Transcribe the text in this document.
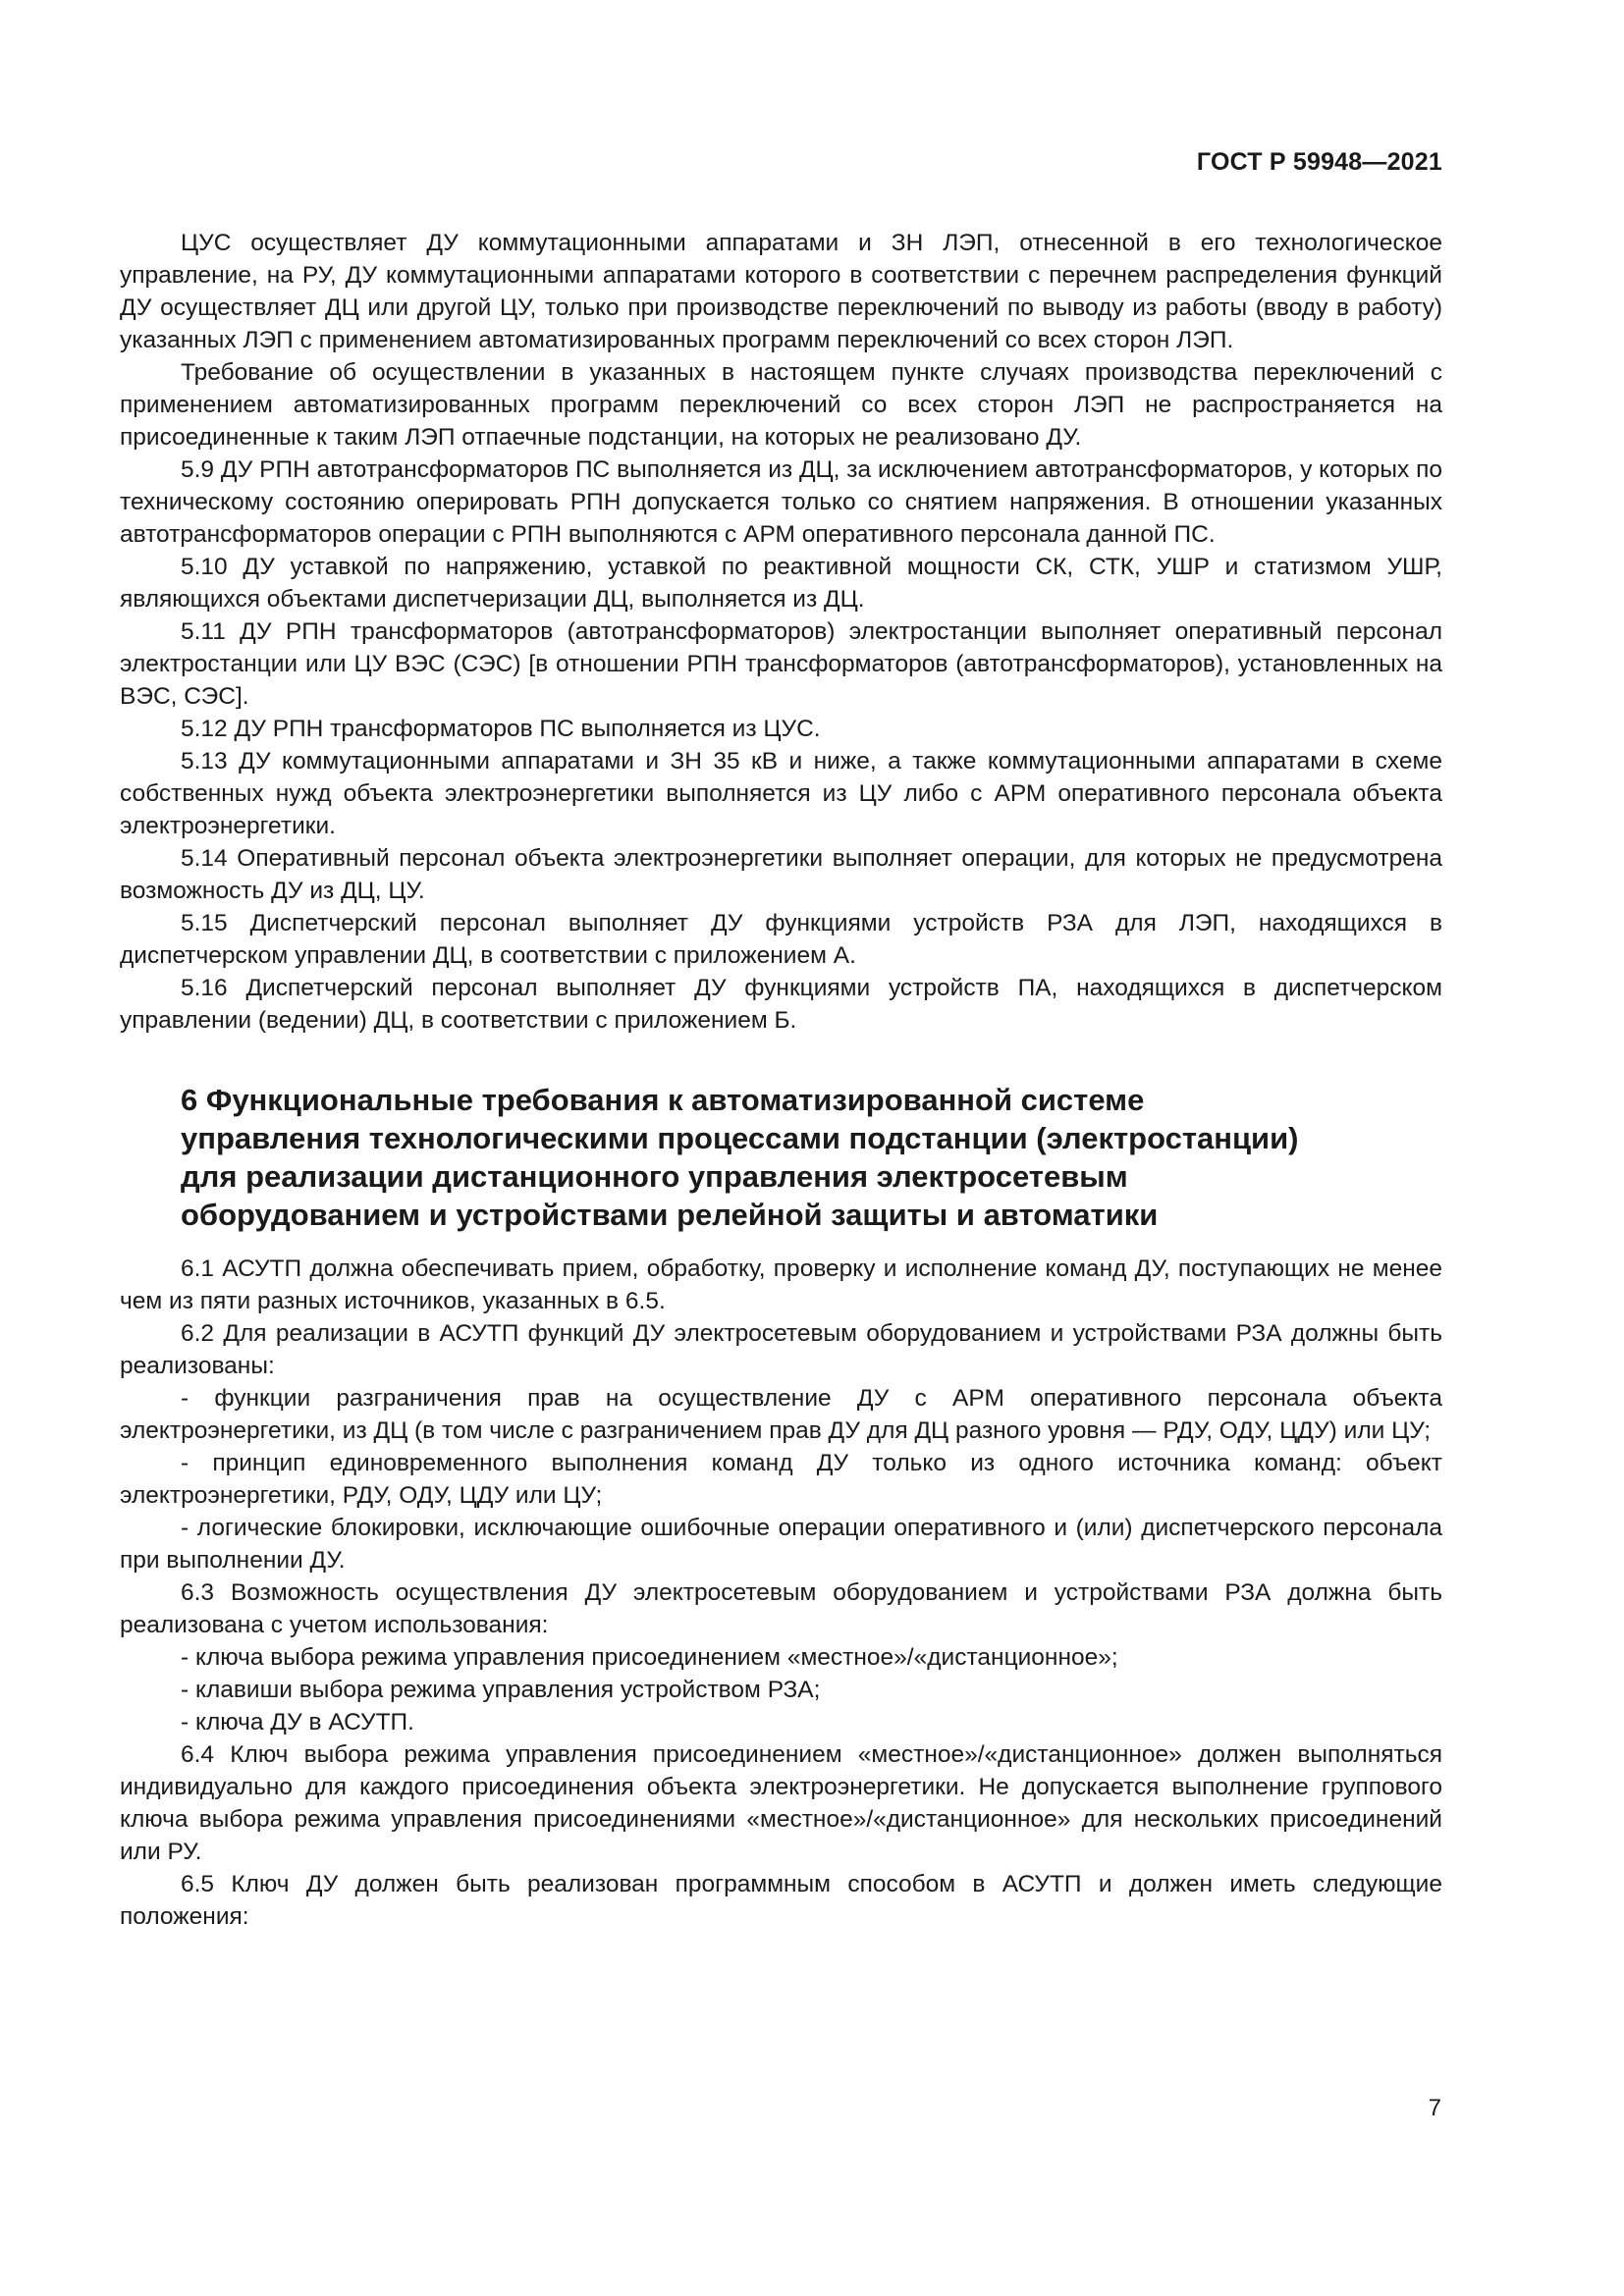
ГОСТ Р 59948—2021

ЦУС осуществляет ДУ коммутационными аппаратами и ЗН ЛЭП, отнесенной в его технологическое управление, на РУ, ДУ коммутационными аппаратами которого в соответствии с перечнем распределения функций ДУ осуществляет ДЦ или другой ЦУ, только при производстве переключений по выводу из работы (вводу в работу) указанных ЛЭП с применением автоматизированных программ переключений со всех сторон ЛЭП.

Требование об осуществлении в указанных в настоящем пункте случаях производства переключений с применением автоматизированных программ переключений со всех сторон ЛЭП не распространяется на присоединенные к таким ЛЭП отпаечные подстанции, на которых не реализовано ДУ.

5.9 ДУ РПН автотрансформаторов ПС выполняется из ДЦ, за исключением автотрансформаторов, у которых по техническому состоянию оперировать РПН допускается только со снятием напряжения. В отношении указанных автотрансформаторов операции с РПН выполняются с АРМ оперативного персонала данной ПС.

5.10 ДУ уставкой по напряжению, уставкой по реактивной мощности СК, СТК, УШР и статизмом УШР, являющихся объектами диспетчеризации ДЦ, выполняется из ДЦ.

5.11 ДУ РПН трансформаторов (автотрансформаторов) электростанции выполняет оперативный персонал электростанции или ЦУ ВЭС (СЭС) [в отношении РПН трансформаторов (автотрансформаторов), установленных на ВЭС, СЭС].

5.12 ДУ РПН трансформаторов ПС выполняется из ЦУС.

5.13 ДУ коммутационными аппаратами и ЗН 35 кВ и ниже, а также коммутационными аппаратами в схеме собственных нужд объекта электроэнергетики выполняется из ЦУ либо с АРМ оперативного персонала объекта электроэнергетики.

5.14 Оперативный персонал объекта электроэнергетики выполняет операции, для которых не предусмотрена возможность ДУ из ДЦ, ЦУ.

5.15 Диспетчерский персонал выполняет ДУ функциями устройств РЗА для ЛЭП, находящихся в диспетчерском управлении ДЦ, в соответствии с приложением А.

5.16 Диспетчерский персонал выполняет ДУ функциями устройств ПА, находящихся в диспетчерском управлении (ведении) ДЦ, в соответствии с приложением Б.

6 Функциональные требования к автоматизированной системе
управления технологическими процессами подстанции (электростанции)
для реализации дистанционного управления электросетевым
оборудованием и устройствами релейной защиты и автоматики

6.1 АСУТП должна обеспечивать прием, обработку, проверку и исполнение команд ДУ, поступающих не менее чем из пяти разных источников, указанных в 6.5.

6.2 Для реализации в АСУТП функций ДУ электросетевым оборудованием и устройствами РЗА должны быть реализованы:

- функции разграничения прав на осуществление ДУ с АРМ оперативного персонала объекта электроэнергетики, из ДЦ (в том числе с разграничением прав ДУ для ДЦ разного уровня — РДУ, ОДУ, ЦДУ) или ЦУ;

- принцип единовременного выполнения команд ДУ только из одного источника команд: объект электроэнергетики, РДУ, ОДУ, ЦДУ или ЦУ;

- логические блокировки, исключающие ошибочные операции оперативного и (или) диспетчерского персонала при выполнении ДУ.

6.3 Возможность осуществления ДУ электросетевым оборудованием и устройствами РЗА должна быть реализована с учетом использования:

- ключа выбора режима управления присоединением «местное»/«дистанционное»;

- клавиши выбора режима управления устройством РЗА;

- ключа ДУ в АСУТП.

6.4 Ключ выбора режима управления присоединением «местное»/«дистанционное» должен выполняться индивидуально для каждого присоединения объекта электроэнергетики. Не допускается выполнение группового ключа выбора режима управления присоединениями «местное»/«дистанционное» для нескольких присоединений или РУ.

6.5 Ключ ДУ должен быть реализован программным способом в АСУТП и должен иметь следующие положения:

7
